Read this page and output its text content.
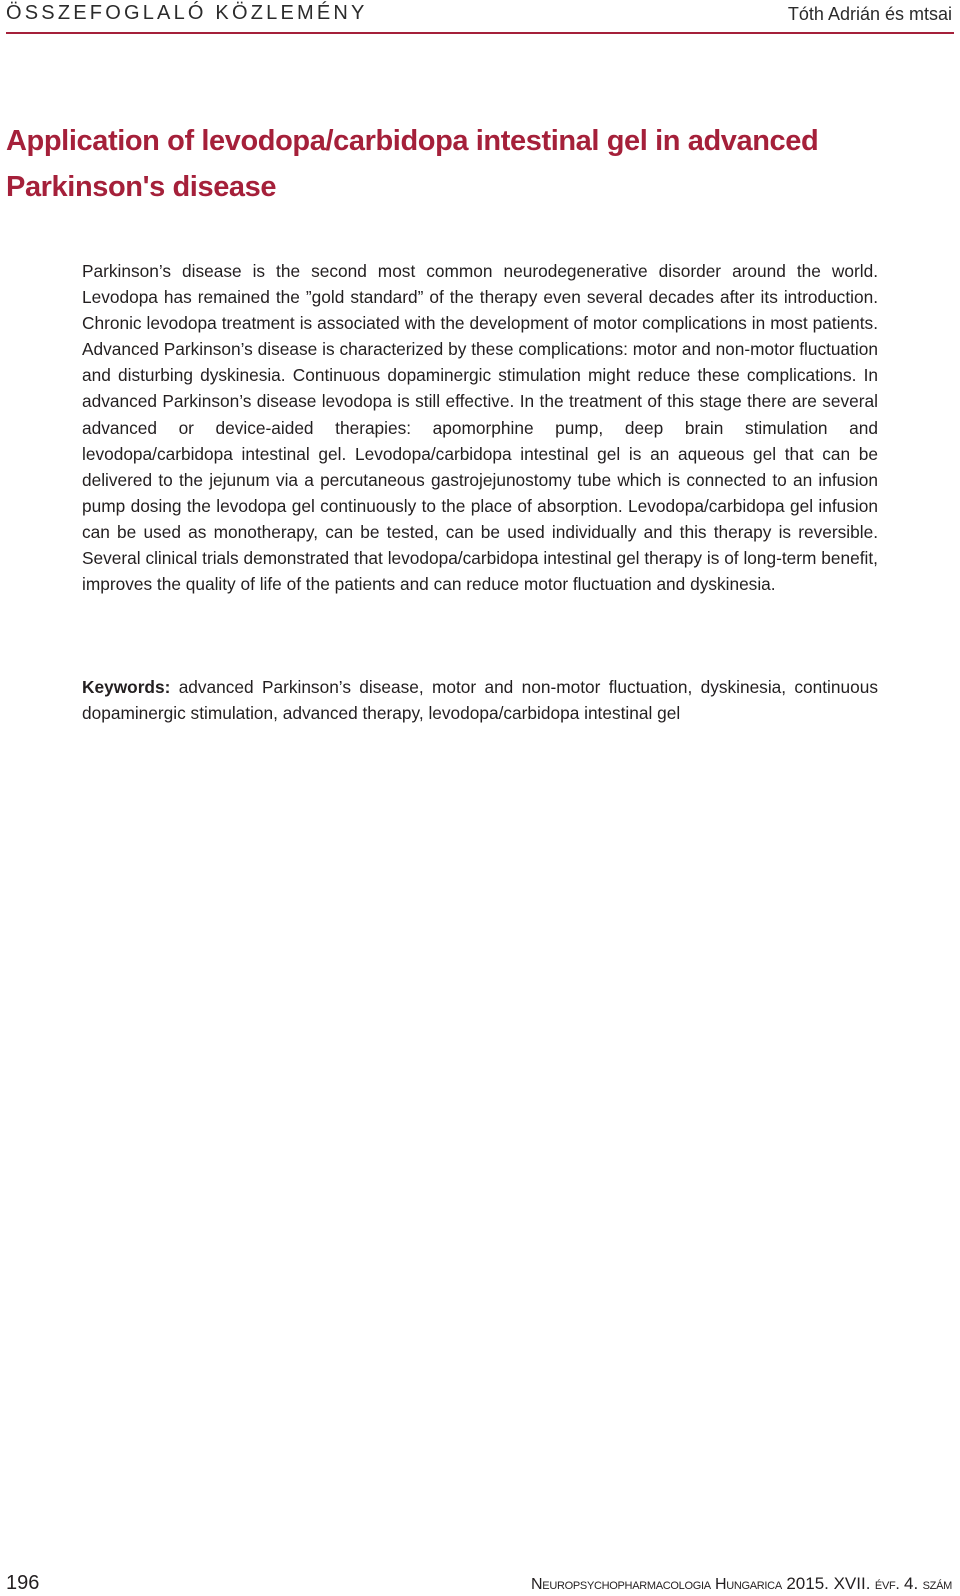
ÖSSZEFOGLALÓ KÖZLEMÉNY	Tóth Adrián és mtsai
Application of levodopa/carbidopa intestinal gel in advanced Parkinson's disease

Parkinson’s disease is the second most common neurodegenerative disorder around the world. Levodopa has remained the ”gold standard” of the therapy even several decades after its introduction. Chronic levodopa treatment is associated with the development of motor complications in most patients. Advanced Parkinson’s disease is characterized by these complications: motor and non-motor fluctuation and disturbing dyskinesia. Continuous dopaminergic stimulation might reduce these complications. In advanced Parkinson’s disease levodopa is still effective. In the treatment of this stage there are several advanced or device-aided therapies: apomorphine pump, deep brain stimulation and levodopa/carbidopa intestinal gel. Levodopa/carbidopa intestinal gel is an aqueous gel that can be delivered to the jejunum via a percutaneous gastrojejunostomy tube which is connected to an infusion pump dosing the levodopa gel continuously to the place of absorption. Levodopa/carbidopa gel infusion can be used as monotherapy, can be tested, can be used individually and this therapy is reversible. Several clinical trials demonstrated that levodopa/carbidopa intestinal gel therapy is of long-term benefit, improves the quality of life of the patients and can reduce motor fluctuation and dyskinesia.

Keywords: advanced Parkinson’s disease, motor and non-motor fluctuation, dyskinesia, continuous dopaminergic stimulation, advanced therapy, levodopa/carbidopa intestinal gel

196	Neuropsychopharmacologia Hungarica 2015. XVII. évf. 4. szám
